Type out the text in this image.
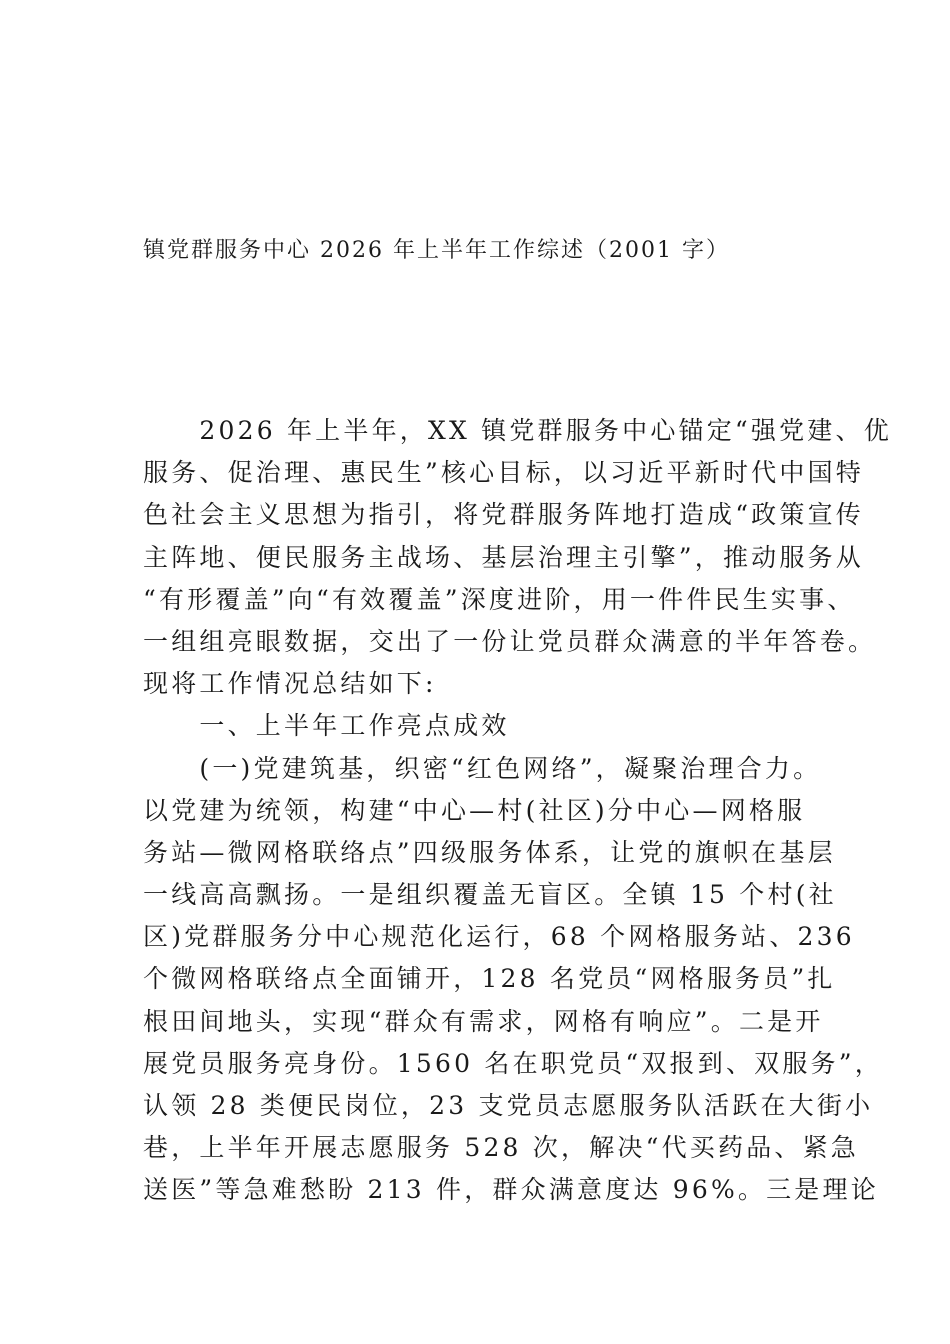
镇党群服务中心 2026 年上半年工作综述（2001 字）
　　2026 年上半年，XX 镇党群服务中心锚定“强党建、优
服务、促治理、惠民生”核心目标，以习近平新时代中国特
色社会主义思想为指引，将党群服务阵地打造成“政策宣传
主阵地、便民服务主战场、基层治理主引擎”，推动服务从
“有形覆盖”向“有效覆盖”深度进阶，用一件件民生实事、
一组组亮眼数据，交出了一份让党员群众满意的半年答卷。
现将工作情况总结如下:
　　一、上半年工作亮点成效
　　(一)党建筑基，织密“红色网络”，凝聚治理合力。
以党建为统领，构建“中心—村(社区)分中心—网格服
务站—微网格联络点”四级服务体系，让党的旗帜在基层
一线高高飘扬。一是组织覆盖无盲区。全镇 15 个村(社
区)党群服务分中心规范化运行，68 个网格服务站、236
个微网格联络点全面铺开，128 名党员“网格服务员”扎
根田间地头，实现“群众有需求，网格有响应”。二是开
展党员服务亮身份。1560 名在职党员“双报到、双服务”，
认领 28 类便民岗位，23 支党员志愿服务队活跃在大街小
巷，上半年开展志愿服务 528 次，解决“代买药品、紧急
送医”等急难愁盼 213 件，群众满意度达 96%。三是理论
